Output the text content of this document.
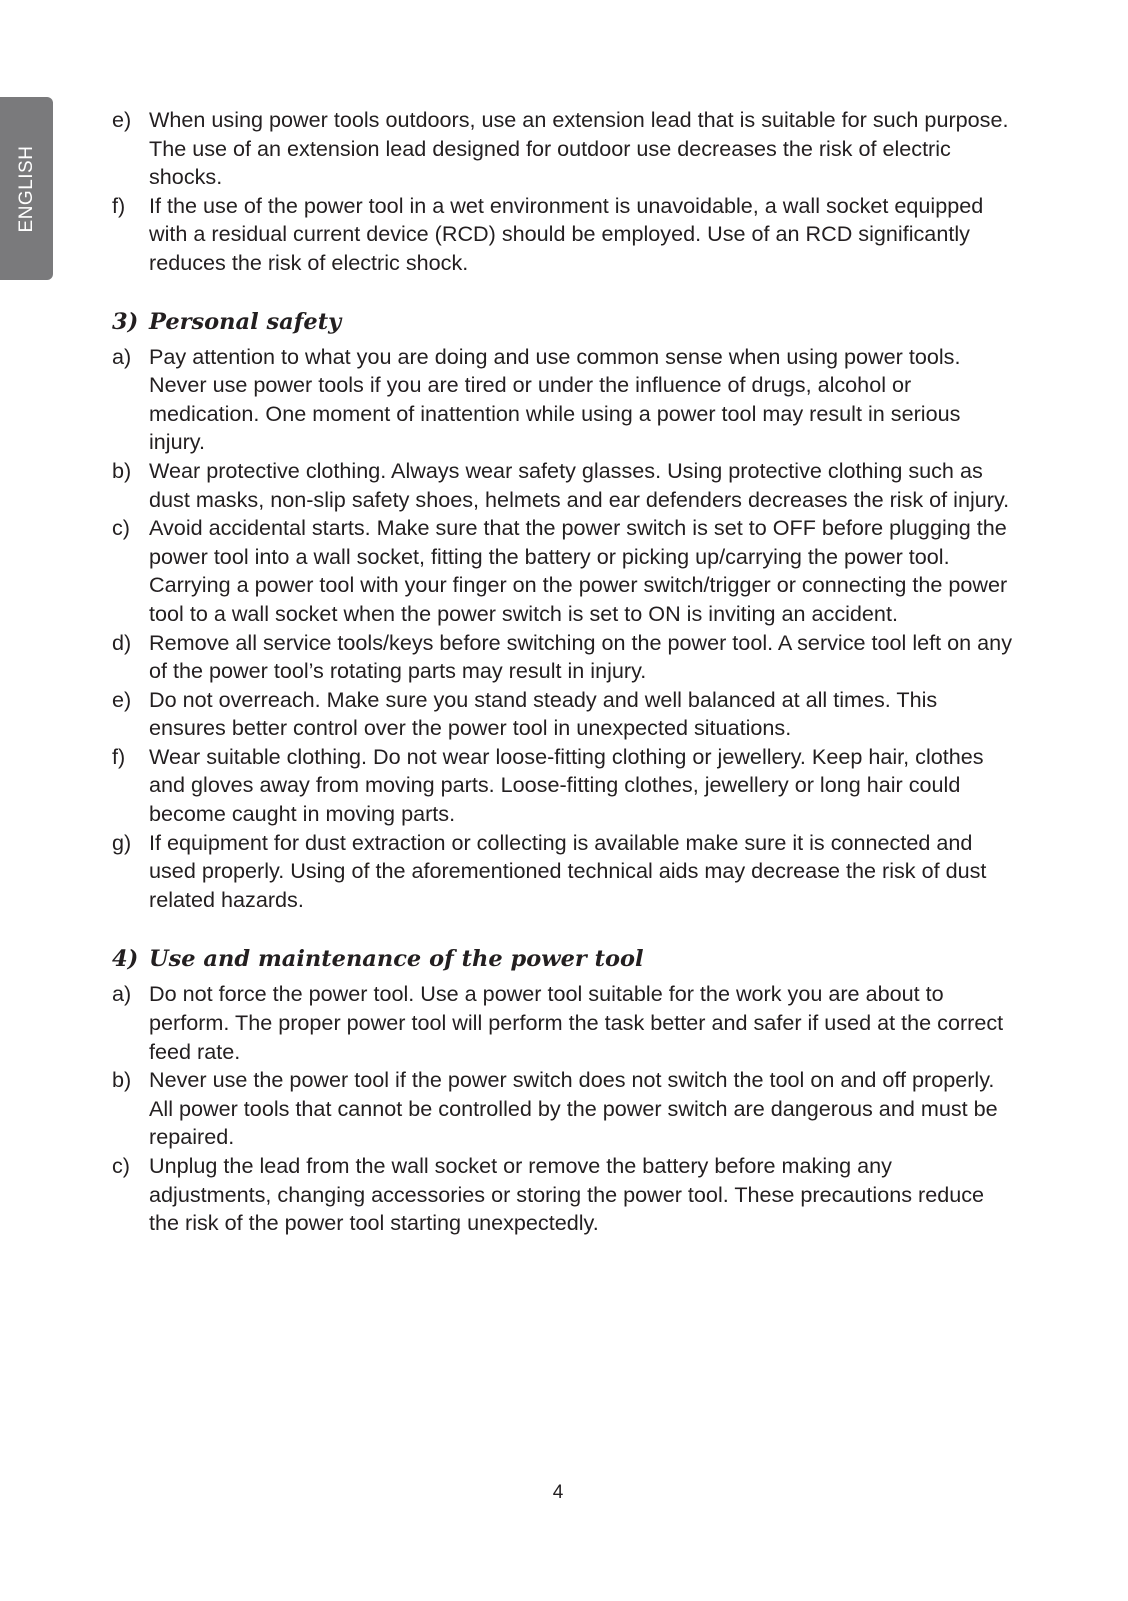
ENGLISH
e) When using power tools outdoors, use an extension lead that is suitable for such purpose. The use of an extension lead designed for outdoor use decreases the risk of electric shocks.
f)	If the use of the power tool in a wet environment is unavoidable, a wall socket equipped with a residual current device (RCD) should be employed. Use of an RCD significantly reduces the risk of electric shock.
3) Personal safety
a) Pay attention to what you are doing and use common sense when using power tools. Never use power tools if you are tired or under the influence of drugs, alcohol or medication. One moment of inattention while using a power tool may result in serious injury.
b) Wear protective clothing. Always wear safety glasses. Using protective clothing such as dust masks, non-slip safety shoes, helmets and ear defenders decreases the risk of injury.
c) Avoid accidental starts. Make sure that the power switch is set to OFF before plugging the power tool into a wall socket, fitting the battery or picking up/carrying the power tool. Carrying a power tool with your finger on the power switch/trigger or connecting the power tool to a wall socket when the power switch is set to ON is inviting an accident.
d) Remove all service tools/keys before switching on the power tool. A service tool left on any of the power tool’s rotating parts may result in injury.
e) Do not overreach. Make sure you stand steady and well balanced at all times. This ensures better control over the power tool in unexpected situations.
f)	Wear suitable clothing. Do not wear loose-fitting clothing or jewellery. Keep hair, clothes and gloves away from moving parts. Loose-fitting clothes, jewellery or long hair could become caught in moving parts.
g) If equipment for dust extraction or collecting is available make sure it is connected and used properly. Using of the aforementioned technical aids may decrease the risk of dust related hazards.
4) Use and maintenance of the power tool
a) Do not force the power tool. Use a power tool suitable for the work you are about to perform. The proper power tool will perform the task better and safer if used at the correct feed rate.
b) Never use the power tool if the power switch does not switch the tool on and off properly. All power tools that cannot be controlled by the power switch are dangerous and must be repaired.
c) Unplug the lead from the wall socket or remove the battery before making any adjustments, changing accessories or storing the power tool. These precautions reduce the risk of the power tool starting unexpectedly.
4
